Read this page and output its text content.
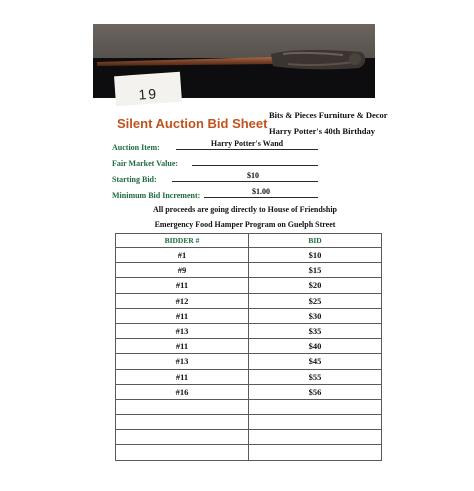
19
Silent Auction Bid Sheet
Bits & Pieces Furniture & Decor
Harry Potter's 40th Birthday
Auction Item:	Harry Potter's Wand
Fair Market Value:
Starting Bid:	$10
Minimum Bid Increment:	$1.00
All proceeds are going directly to House of Friendship
Emergency Food Hamper Program on Guelph Street
BIDDER #	BID
#1	$10
#9	$15
#11	$20
#12	$25
#11	$30
#13	$35
#11	$40
#13	$45
#11	$55
#16	$56
